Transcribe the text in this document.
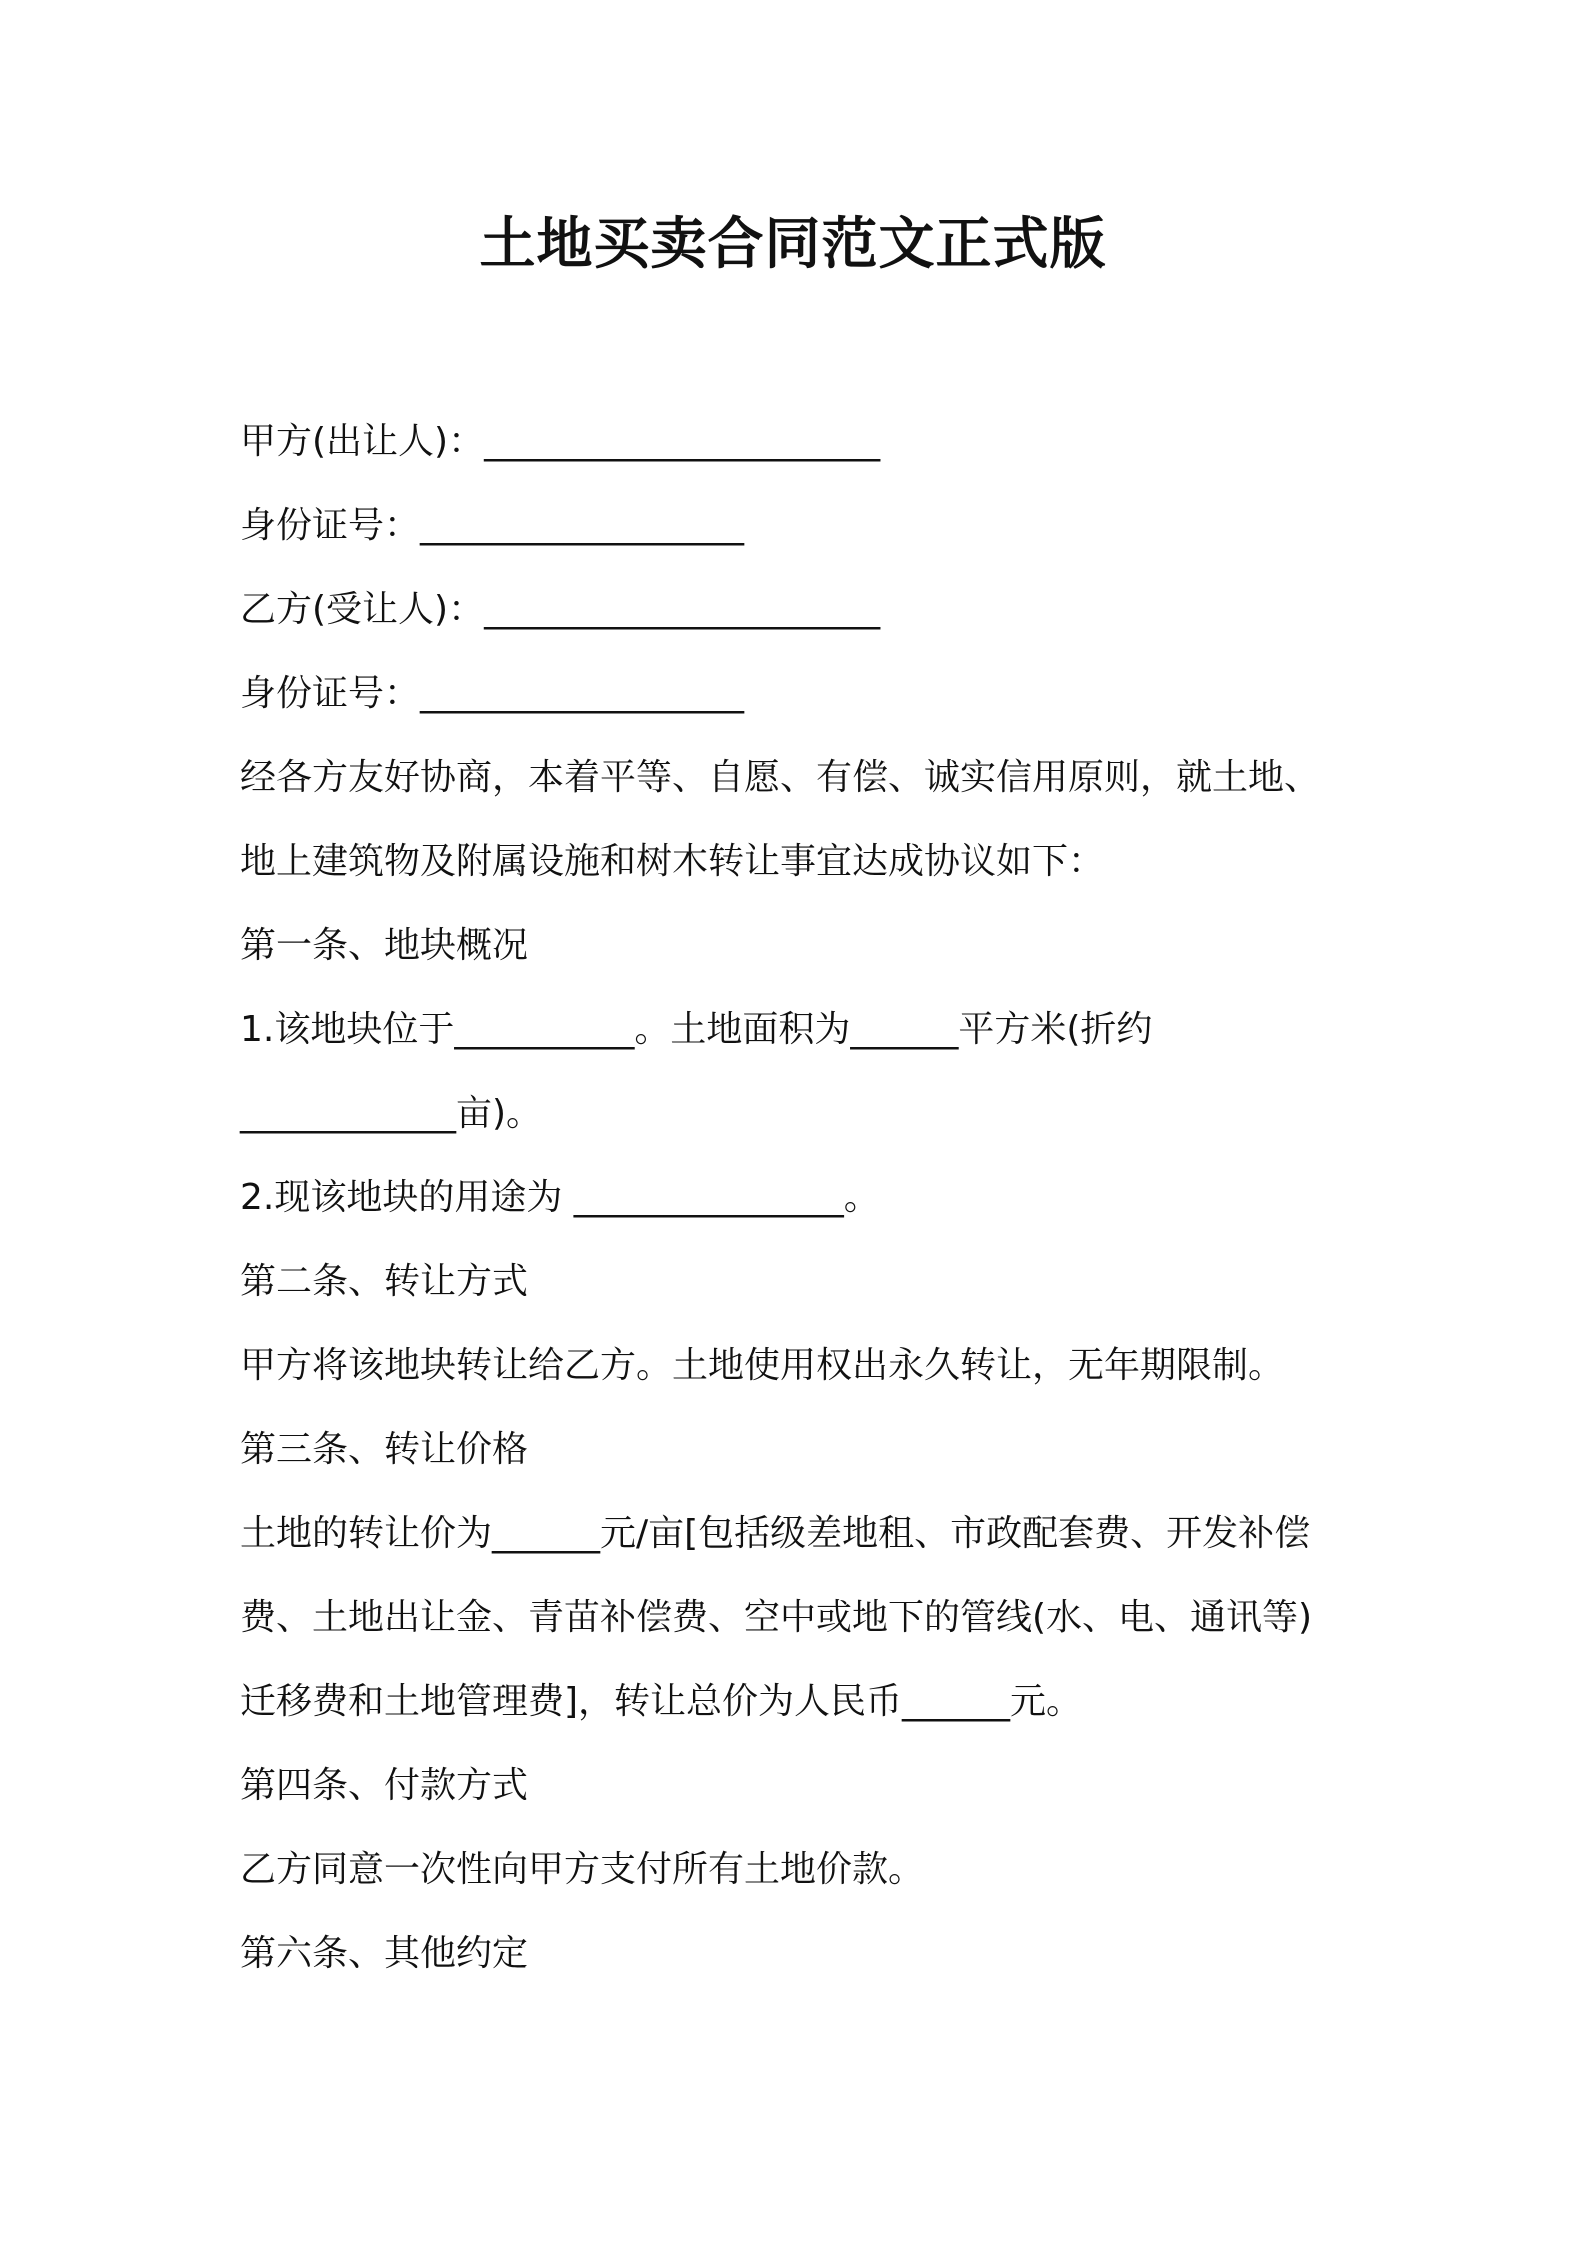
土地买卖合同范文正式版

甲方(出让人)：______________________

身份证号：__________________

乙方(受让人)：______________________

身份证号：__________________

经各方友好协商，本着平等、自愿、有偿、诚实信用原则，就土地、

地上建筑物及附属设施和树木转让事宜达成协议如下：

第一条、地块概况

1.该地块位于__________。土地面积为______平方米(折约

____________亩)。

2.现该地块的用途为 _______________。

第二条、转让方式

甲方将该地块转让给乙方。土地使用权出永久转让，无年期限制。

第三条、转让价格

土地的转让价为______元/亩[包括级差地租、市政配套费、开发补偿

费、土地出让金、青苗补偿费、空中或地下的管线(水、电、通讯等)

迁移费和土地管理费]，转让总价为人民币______元。

第四条、付款方式

乙方同意一次性向甲方支付所有土地价款。

第六条、其他约定
